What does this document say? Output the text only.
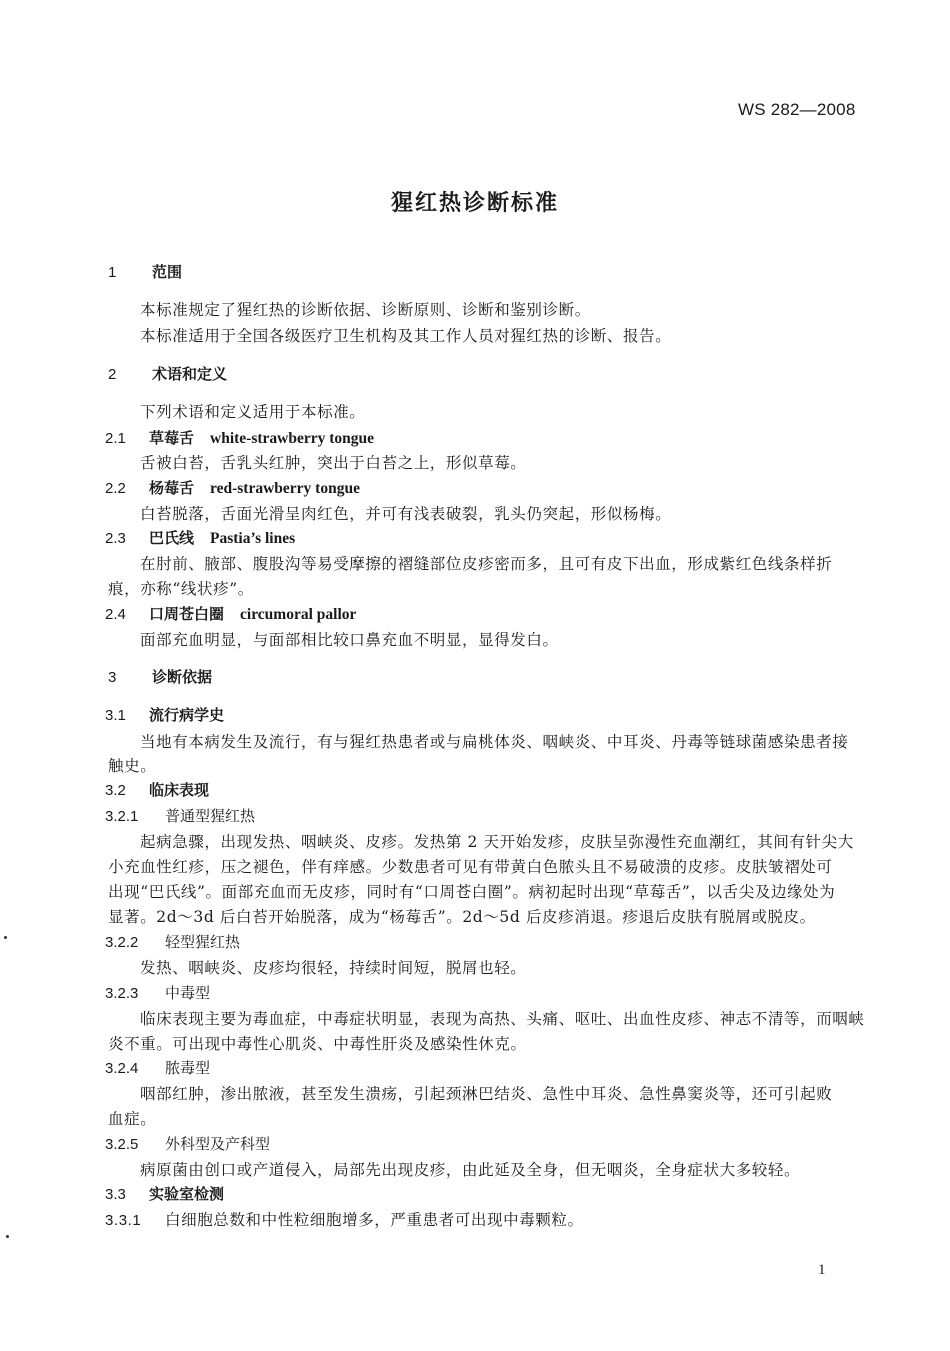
WS 282—2008
猩红热诊断标准
1 范围
本标准规定了猩红热的诊断依据、诊断原则、诊断和鉴别诊断。
本标准适用于全国各级医疗卫生机构及其工作人员对猩红热的诊断、报告。
2 术语和定义
下列术语和定义适用于本标准。
2.1 草莓舌 white-strawberry tongue
舌被白苔，舌乳头红肿，突出于白苔之上，形似草莓。
2.2 杨莓舌 red-strawberry tongue
白苔脱落，舌面光滑呈肉红色，并可有浅表破裂，乳头仍突起，形似杨梅。
2.3 巴氏线 Pastia’s lines
在肘前、腋部、腹股沟等易受摩擦的褶缝部位皮疹密而多，且可有皮下出血，形成紫红色线条样折
痕，亦称“线状疹”。
2.4 口周苍白圈 circumoral pallor
面部充血明显，与面部相比较口鼻充血不明显，显得发白。
3 诊断依据
3.1 流行病学史
当地有本病发生及流行，有与猩红热患者或与扁桃体炎、咽峡炎、中耳炎、丹毒等链球菌感染患者接
触史。
3.2 临床表现
3.2.1 普通型猩红热
起病急骤，出现发热、咽峡炎、皮疹。发热第 2 天开始发疹，皮肤呈弥漫性充血潮红，其间有针尖大
小充血性红疹，压之褪色，伴有痒感。少数患者可见有带黄白色脓头且不易破溃的皮疹。皮肤皱褶处可
出现“巴氏线”。面部充血而无皮疹，同时有“口周苍白圈”。病初起时出现“草莓舌”，以舌尖及边缘处为
显著。2d～3d 后白苔开始脱落，成为“杨莓舌”。2d～5d 后皮疹消退。疹退后皮肤有脱屑或脱皮。
3.2.2 轻型猩红热
发热、咽峡炎、皮疹均很轻，持续时间短，脱屑也轻。
3.2.3 中毒型
临床表现主要为毒血症，中毒症状明显，表现为高热、头痛、呕吐、出血性皮疹、神志不清等，而咽峡
炎不重。可出现中毒性心肌炎、中毒性肝炎及感染性休克。
3.2.4 脓毒型
咽部红肿，渗出脓液，甚至发生溃疡，引起颈淋巴结炎、急性中耳炎、急性鼻窦炎等，还可引起败
血症。
3.2.5 外科型及产科型
病原菌由创口或产道侵入，局部先出现皮疹，由此延及全身，但无咽炎，全身症状大多较轻。
3.3 实验室检测
3.3.1 白细胞总数和中性粒细胞增多，严重患者可出现中毒颗粒。
1
